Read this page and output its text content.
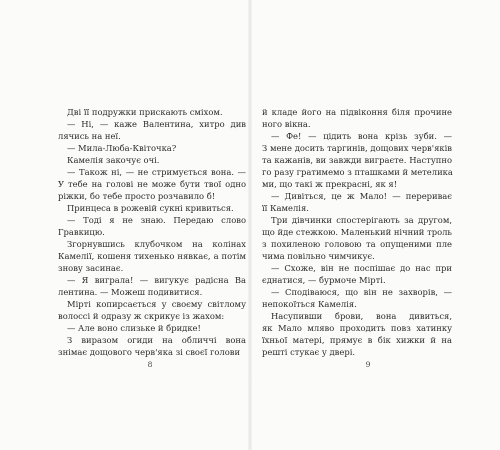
Дві її подружки прискають сміхом.
— Ні, — каже Валентина, хитро див
лячись на неї.
— Мила-Люба-Квіточка?
Камелія закочує очі.
— Також ні, — не стримується вона. —
У тебе на голові не може бути твої одно
ріжки, бо тебе просто розчавило б!
Принцеса в рожевій сукні кривиться.
— Тоді я не знаю. Передаю слово
Гравкицю.
Згорнувшись клубочком на колінах
Камелії, кошеня тихенько нявкає, а потім
знову засинає.
— Я виграла! — вигукує радісна Ва
лентина. — Можеш подивитися.
Мірті копирсається у своєму світлому
волоссі й одразу ж скрикує із жахом:
— Але воно слизьке й бридке!
З виразом огиди на обличчі вона
знімає дощового черв'яка зі своєї голови
й кладе його на підвіконня біля прочине
ного вікна.
— Фе! — цідить вона крізь зуби. —
З мене досить таргинів, дощових черв'яків
та кажанів, ви завжди виграєте. Наступно
го разу гратимемо з пташками й метелика
ми, що такі ж прекрасні, як я!
— Дивіться, це ж Мало! — перериває
її Камелія.
Три дівчинки спостерігають за другом,
що йде стежкою. Маленький нічний троль
з похиленою головою та опущеними пле
чима повільно чимчикує.
— Схоже, він не поспішає до нас при
єднатися, — бурмоче Мірті.
— Сподіваюся, що він не захворів, —
непокоїться Камелія.
Насупивши брови, вона дивиться,
як Мало мляво проходить повз хатинку
їхньої матері, прямує в бік хижки й на
решті стукає у двері.
8	9
